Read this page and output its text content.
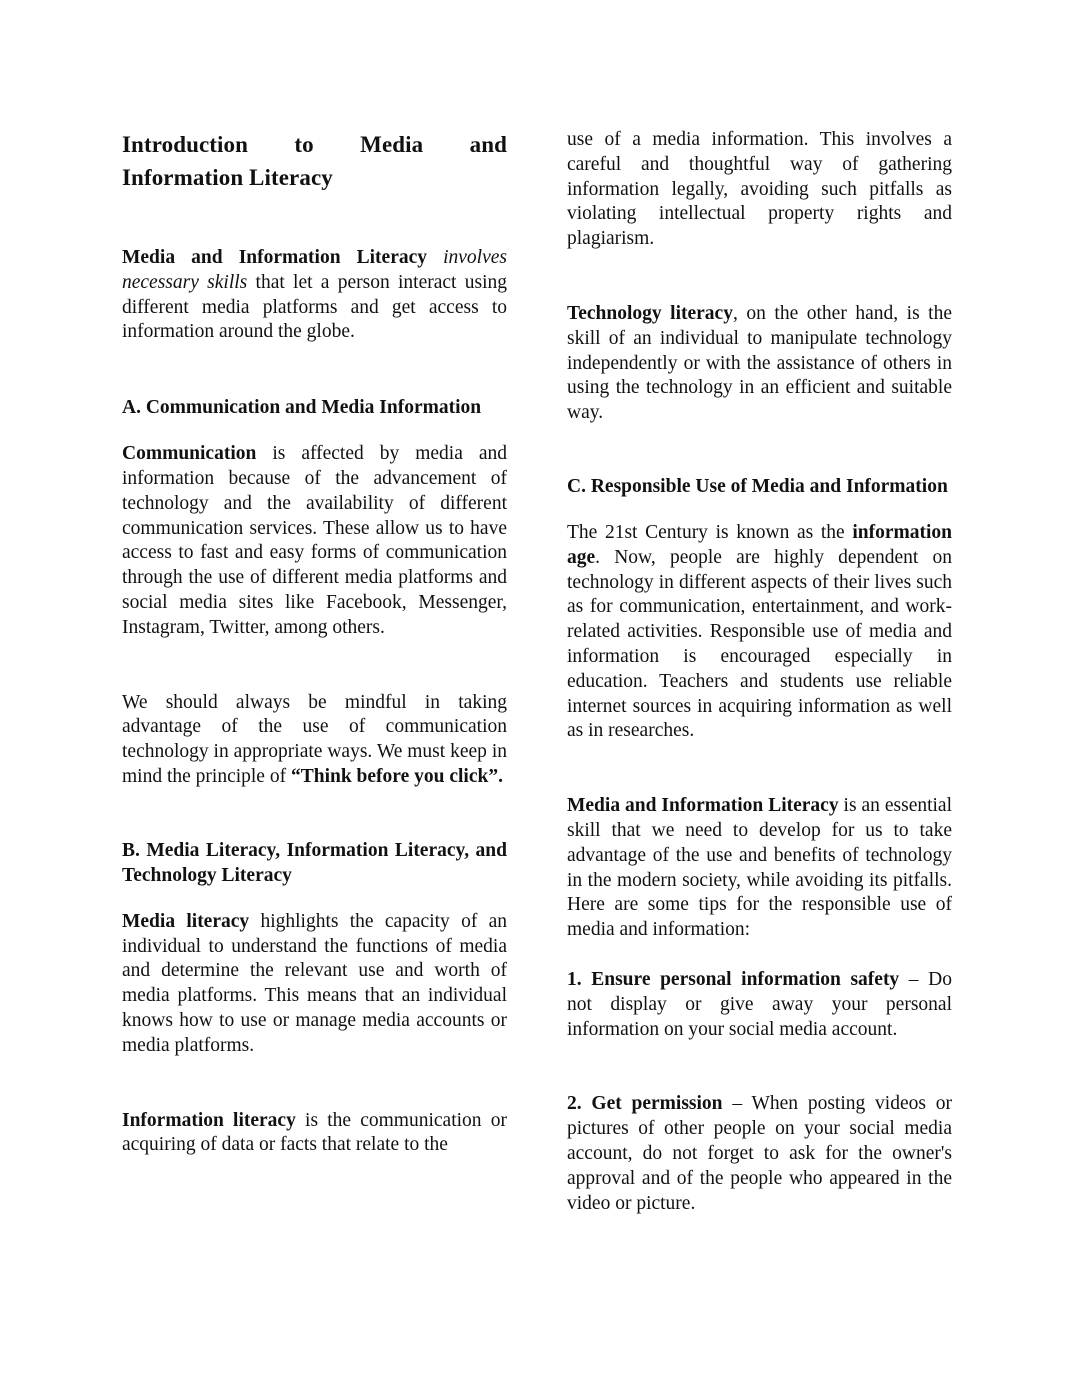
Introduction to Media and Information Literacy

Media and Information Literacy involves necessary skills that let a person interact using different media platforms and get access to information around the globe.

A. Communication and Media Information

Communication is affected by media and information because of the advancement of technology and the availability of different communication services. These allow us to have access to fast and easy forms of communication through the use of different media platforms and social media sites like Facebook, Messenger, Instagram, Twitter, among others.

We should always be mindful in taking advantage of the use of communication technology in appropriate ways. We must keep in mind the principle of “Think before you click”.

B. Media Literacy, Information Literacy, and Technology Literacy

Media literacy highlights the capacity of an individual to understand the functions of media and determine the relevant use and worth of media platforms. This means that an individual knows how to use or manage media accounts or media platforms.

Information literacy is the communication or acquiring of data or facts that relate to the

use of a media information. This involves a careful and thoughtful way of gathering information legally, avoiding such pitfalls as violating intellectual property rights and plagiarism.

Technology literacy, on the other hand, is the skill of an individual to manipulate technology independently or with the assistance of others in using the technology in an efficient and suitable way.

C. Responsible Use of Media and Information

The 21st Century is known as the information age. Now, people are highly dependent on technology in different aspects of their lives such as for communication, entertainment, and work-related activities. Responsible use of media and information is encouraged especially in education. Teachers and students use reliable internet sources in acquiring information as well as in researches.

Media and Information Literacy is an essential skill that we need to develop for us to take advantage of the use and benefits of technology in the modern society, while avoiding its pitfalls. Here are some tips for the responsible use of media and information:

1. Ensure personal information safety – Do not display or give away your personal information on your social media account.

2. Get permission – When posting videos or pictures of other people on your social media account, do not forget to ask for the owner's approval and of the people who appeared in the video or picture.
